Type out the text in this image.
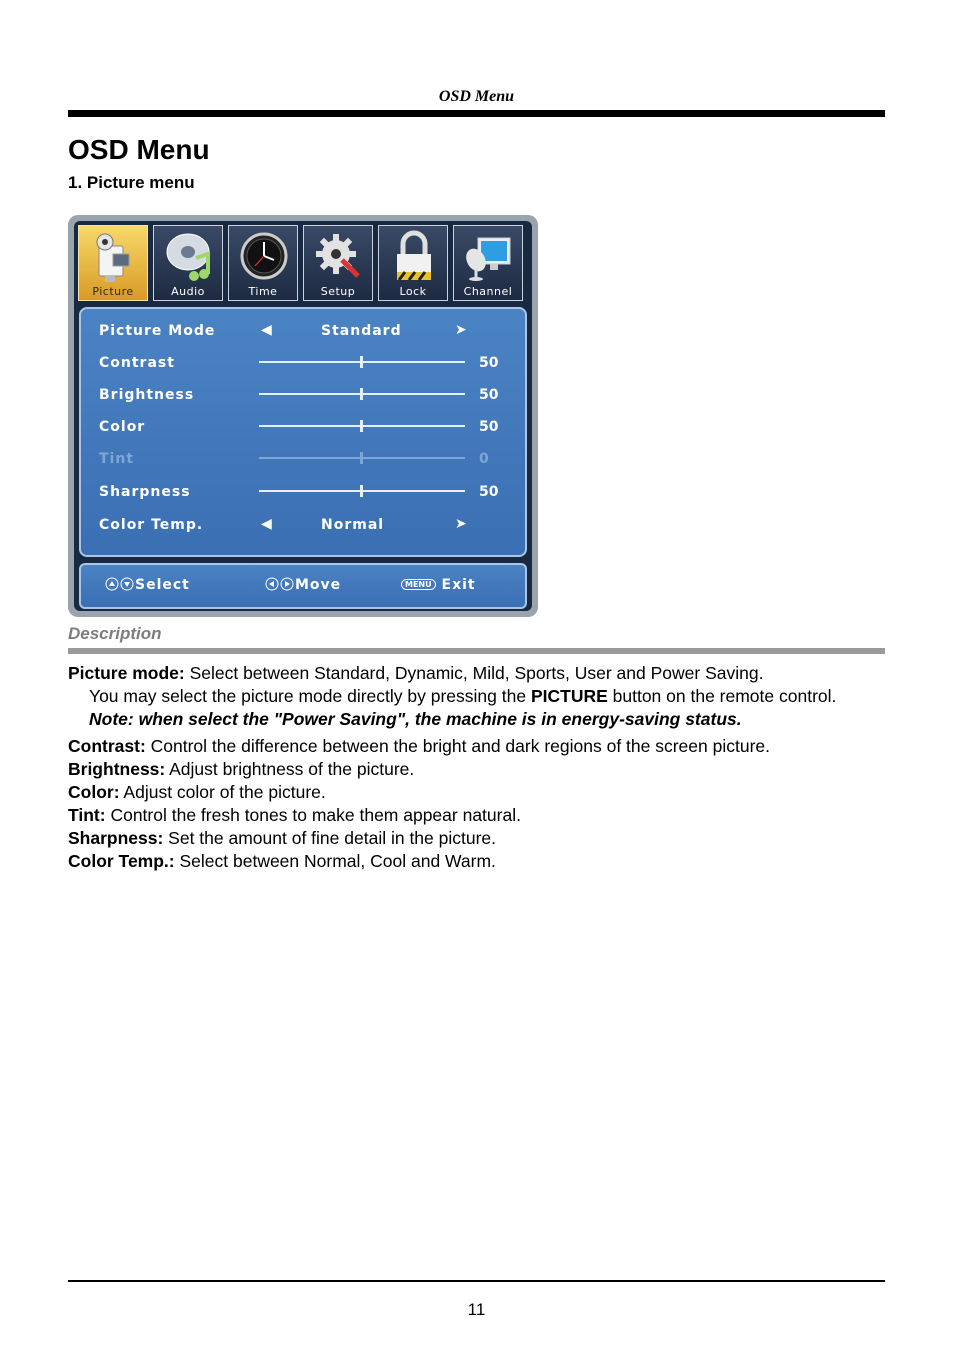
OSD Menu
OSD Menu
1. Picture menu
Picture	Audio	Time	Setup	Lock	Channel
Picture Mode	◀	Standard	➤
Contrast	50
Brightness	50
Color	50
Tint	0
Sharpness	50
Color Temp.	◀	Normal	➤
Select	Move	MENU Exit
Description

Picture mode: Select between Standard, Dynamic, Mild, Sports, User and Power Saving.

You may select the picture mode directly by pressing the PICTURE button on the remote control.

Note: when select the "Power Saving", the machine is in energy-saving status.

Contrast: Control the difference between the bright and dark regions of the screen picture.

Brightness: Adjust brightness of the picture.

Color: Adjust color of the picture.

Tint: Control the fresh tones to make them appear natural.

Sharpness: Set the amount of fine detail in the picture.

Color Temp.: Select between Normal, Cool and Warm.

11
